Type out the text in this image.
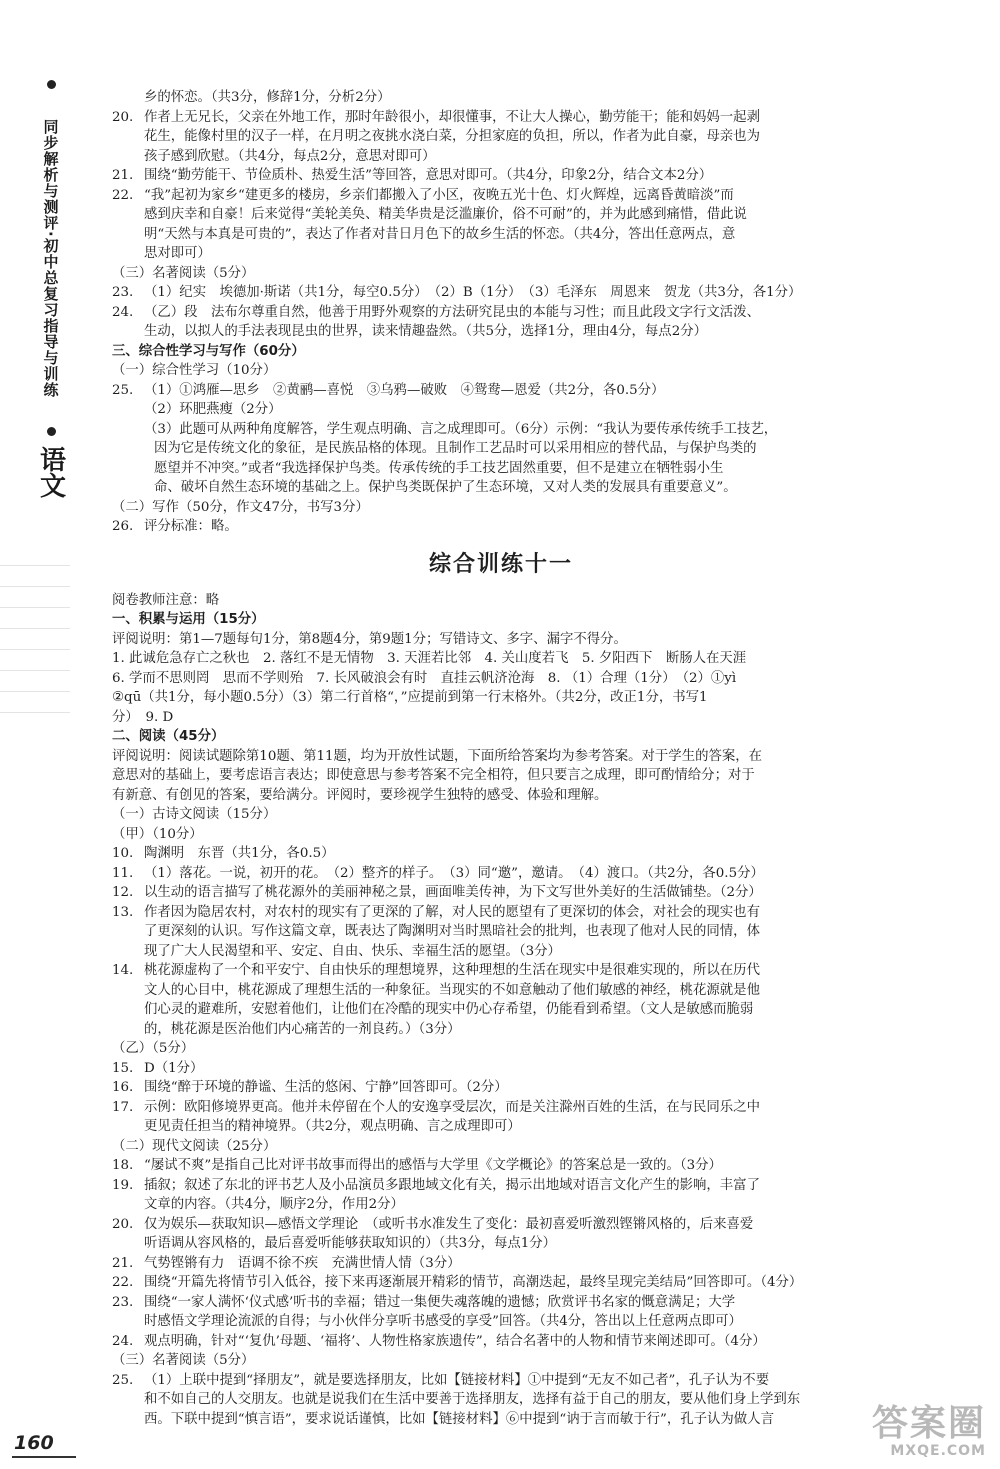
同步解析与测评·初中总复习指导与训练
语文

乡的怀恋。（共3分，修辞1分，分析2分）

20. 作者上无兄长，父亲在外地工作，那时年龄很小，却很懂事，不让大人操心，勤劳能干；能和妈妈一起剥

花生，能像村里的汉子一样，在月明之夜挑水浇白菜，分担家庭的负担，所以，作者为此自豪，母亲也为

孩子感到欣慰。（共4分，每点2分，意思对即可）

21. 围绕“勤劳能干、节俭质朴、热爱生活”等回答，意思对即可。（共4分，印象2分，结合文本2分）

22. “我”起初为家乡“建更多的楼房，乡亲们都搬入了小区，夜晚五光十色、灯火辉煌，远离昏黄暗淡”而

感到庆幸和自豪！后来觉得“美轮美奂、精美华贵是泛滥廉价，俗不可耐”的，并为此感到痛惜，借此说

明“天然与本真是可贵的”，表达了作者对昔日月色下的故乡生活的怀恋。（共4分，答出任意两点，意

思对即可）

（三）名著阅读（5分）

23. （1）纪实　埃德加·斯诺（共1分，每空0.5分）　（2）B（1分）　（3）毛泽东　周恩来　贺龙（共3分，各1分）

24. （乙）段　法布尔尊重自然，他善于用野外观察的方法研究昆虫的本能与习性；而且此段文字行文活泼、

生动，以拟人的手法表现昆虫的世界，读来情趣盎然。（共5分，选择1分，理由4分，每点2分）

三、综合性学习与写作（60分）

（一）综合性学习（10分）

25. （1）①鸿雁—思乡　②黄鹂—喜悦　③乌鸦—破败　④鸳鸯—恩爱（共2分，各0.5分）

（2）环肥燕瘦（2分）

（3）此题可从两种角度解答，学生观点明确、言之成理即可。（6分）示例：“我认为要传承传统手工技艺，

因为它是传统文化的象征，是民族品格的体现。且制作工艺品时可以采用相应的替代品，与保护鸟类的

愿望并不冲突。”或者“我选择保护鸟类。传承传统的手工技艺固然重要，但不是建立在牺牲弱小生

命、破坏自然生态环境的基础之上。保护鸟类既保护了生态环境，又对人类的发展具有重要意义”。

（二）写作（50分，作文47分，书写3分）

26. 评分标准：略。

综合训练十一

阅卷教师注意：略

一、积累与运用（15分）

评阅说明：第1—7题每句1分，第8题4分，第9题1分；写错诗文、多字、漏字不得分。

1. 此诚危急存亡之秋也　2. 落红不是无情物　3. 天涯若比邻　4. 关山度若飞　5. 夕阳西下　断肠人在天涯

6. 学而不思则罔　思而不学则殆　7. 长风破浪会有时　直挂云帆济沧海　8. （1）合理（1分）　（2）①yì

②qū（共1分，每小题0.5分）（3）第二行首格“，”应提前到第一行末格外。（共2分，改正1分，书写1

分）　9. D

二、阅读（45分）

评阅说明：阅读试题除第10题、第11题，均为开放性试题，下面所给答案均为参考答案。对于学生的答案，在

意思对的基础上，要考虑语言表达；即使意思与参考答案不完全相符，但只要言之成理，即可酌情给分；对于

有新意、有创见的答案，要给满分。评阅时，要珍视学生独特的感受、体验和理解。

（一）古诗文阅读（15分）

（甲）（10分）

10. 陶渊明　东晋（共1分，各0.5）

11. （1）落花。一说，初开的花。　（2）整齐的样子。　（3）同“邀”，邀请。　（4）渡口。（共2分，各0.5分）

12. 以生动的语言描写了桃花源外的美丽神秘之景，画面唯美传神，为下文写世外美好的生活做铺垫。（2分）

13. 作者因为隐居农村，对农村的现实有了更深的了解，对人民的愿望有了更深切的体会，对社会的现实也有

了更深刻的认识。写作这篇文章，既表达了陶渊明对当时黑暗社会的批判，也表现了他对人民的同情，体

现了广大人民渴望和平、安定、自由、快乐、幸福生活的愿望。（3分）

14. 桃花源虚构了一个和平安宁、自由快乐的理想境界，这种理想的生活在现实中是很难实现的，所以在历代

文人的心目中，桃花源成了理想生活的一种象征。当现实的不如意触动了他们敏感的神经，桃花源就是他

们心灵的避难所，安慰着他们，让他们在冷酷的现实中仍心存希望，仍能看到希望。（文人是敏感而脆弱

的，桃花源是医治他们内心痛苦的一剂良药。）（3分）

（乙）（5分）

15. D（1分）

16. 围绕“醉于环境的静谧、生活的悠闲、宁静”回答即可。（2分）

17. 示例：欧阳修境界更高。他并未停留在个人的安逸享受层次，而是关注滁州百姓的生活，在与民同乐之中

更见责任担当的精神境界。（共2分，观点明确、言之成理即可）

（二）现代文阅读（25分）

18. “屡试不爽”是指自己比对评书故事而得出的感悟与大学里《文学概论》的答案总是一致的。（3分）

19. 插叙；叙述了东北的评书艺人及小品演员多跟地域文化有关，揭示出地域对语言文化产生的影响，丰富了

文章的内容。（共4分，顺序2分，作用2分）

20. 仅为娱乐—获取知识—感悟文学理论　（或听书水准发生了变化：最初喜爱听激烈铿锵风格的，后来喜爱

听语调从容风格的，最后喜爱听能够获取知识的）（共3分，每点1分）

21. 气势铿锵有力　语调不徐不疾　充满世情人情（3分）

22. 围绕“开篇先将情节引入低谷，接下来再逐渐展开精彩的情节，高潮迭起，最终呈现完美结局”回答即可。（4分）

23. 围绕“一家人满怀‘仪式感’听书的幸福；错过一集便失魂落魄的遗憾；欣赏评书名家的慨意满足；大学

时感悟文学理论流派的自得；与小伙伴分享听书感受的享受”回答。（共4分，答出以上任意两点即可）

24. 观点明确，针对“‘复仇’母题、‘福将’、人物性格家族遗传”，结合名著中的人物和情节来阐述即可。（4分）

（三）名著阅读（5分）

25. （1）上联中提到“择朋友”，就是要选择朋友，比如【链接材料】①中提到“无友不如己者”，孔子认为不要

和不如自己的人交朋友。也就是说我们在生活中要善于选择朋友，选择有益于自己的朋友，要从他们身上学到东

西。下联中提到“慎言语”，要求说话谨慎，比如【链接材料】⑥中提到“讷于言而敏于行”，孔子认为做人言

160	答案圈
MXQE.COM
